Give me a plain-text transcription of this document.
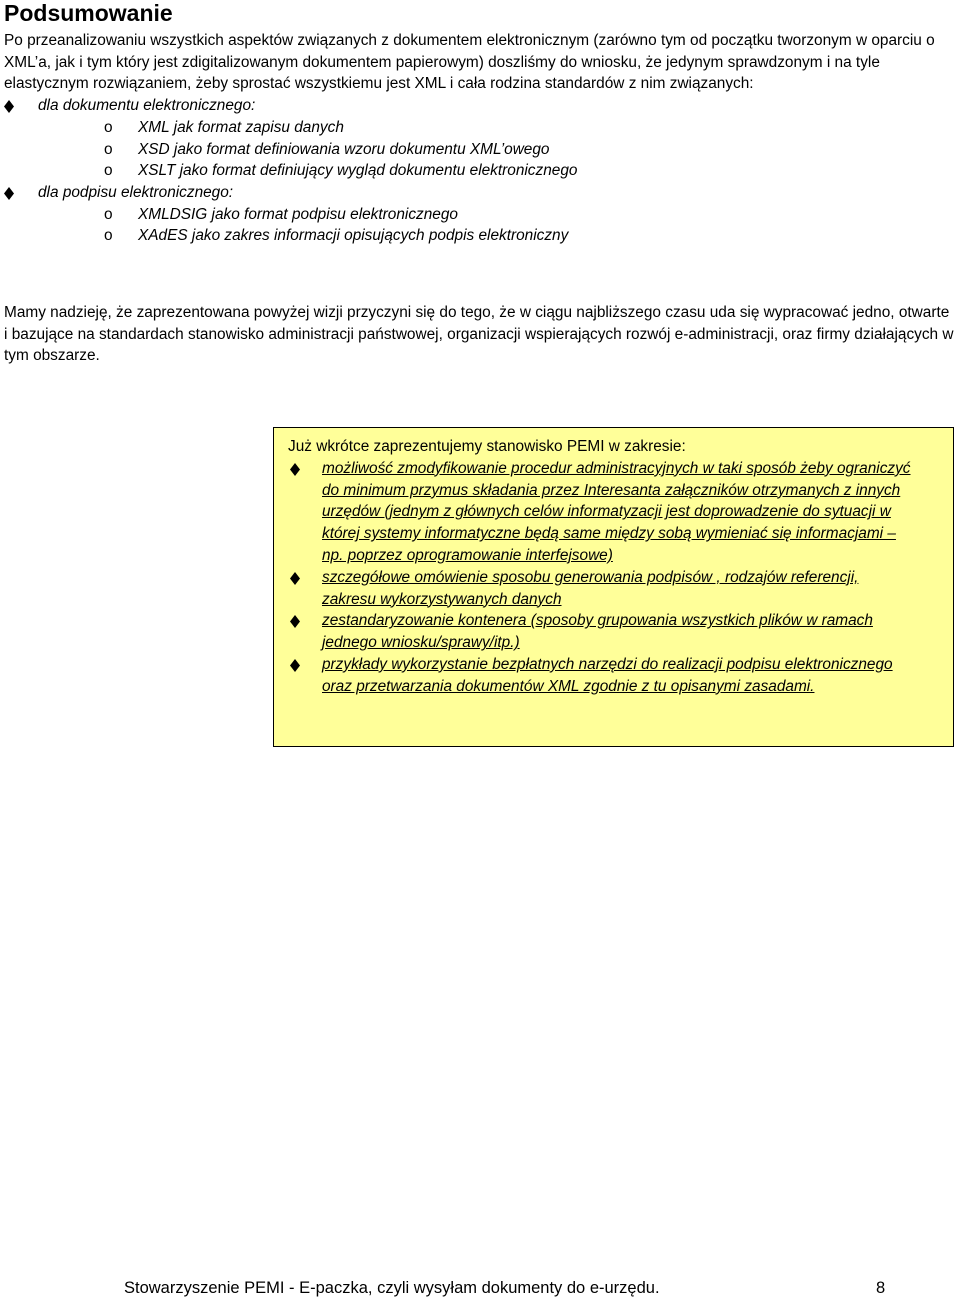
Podsumowanie

Po przeanalizowaniu wszystkich aspektów związanych z dokumentem elektronicznym (zarówno tym od początku tworzonym w oparciu o XML’a, jak i tym który jest zdigitalizowanym dokumentem papierowym) doszliśmy do wniosku, że jedynym sprawdzonym i na tyle elastycznym rozwiązaniem, żeby sprostać wszystkiemu jest XML i cała rodzina standardów z nim związanych:

dla dokumentu elektronicznego:
o XML jak format zapisu danych
o XSD jako format definiowania wzoru dokumentu XML’owego
o XSLT jako format definiujący wygląd dokumentu elektronicznego
dla podpisu elektronicznego:
o XMLDSIG jako format podpisu elektronicznego
o XAdES jako zakres informacji opisujących podpis elektroniczny

Mamy nadzieję, że zaprezentowana powyżej wizji przyczyni się do tego, że w ciągu najbliższego czasu uda się wypracować jedno, otwarte i bazujące na standardach stanowisko administracji państwowej, organizacji wspierających rozwój e-administracji, oraz firmy działających w tym obszarze.

Już wkrótce zaprezentujemy stanowisko PEMI w zakresie:

możliwość zmodyfikowanie procedur administracyjnych w taki sposób żeby ograniczyć do minimum przymus składania przez Interesanta załączników otrzymanych z innych urzędów (jednym z głównych celów informatyzacji jest doprowadzenie do sytuacji w której systemy informatyczne będą same między sobą wymieniać się informacjami – np. poprzez oprogramowanie interfejsowe)
szczegółowe omówienie sposobu generowania podpisów , rodzajów referencji, zakresu wykorzystywanych danych
zestandaryzowanie kontenera (sposoby grupowania wszystkich plików w ramach jednego wniosku/sprawy/itp.)
przykłady wykorzystanie bezpłatnych narzędzi do realizacji podpisu elektronicznego oraz przetwarzania dokumentów XML zgodnie z tu opisanymi zasadami.
Stowarzyszenie PEMI - E-paczka, czyli wysyłam dokumenty do e-urzędu.	8
